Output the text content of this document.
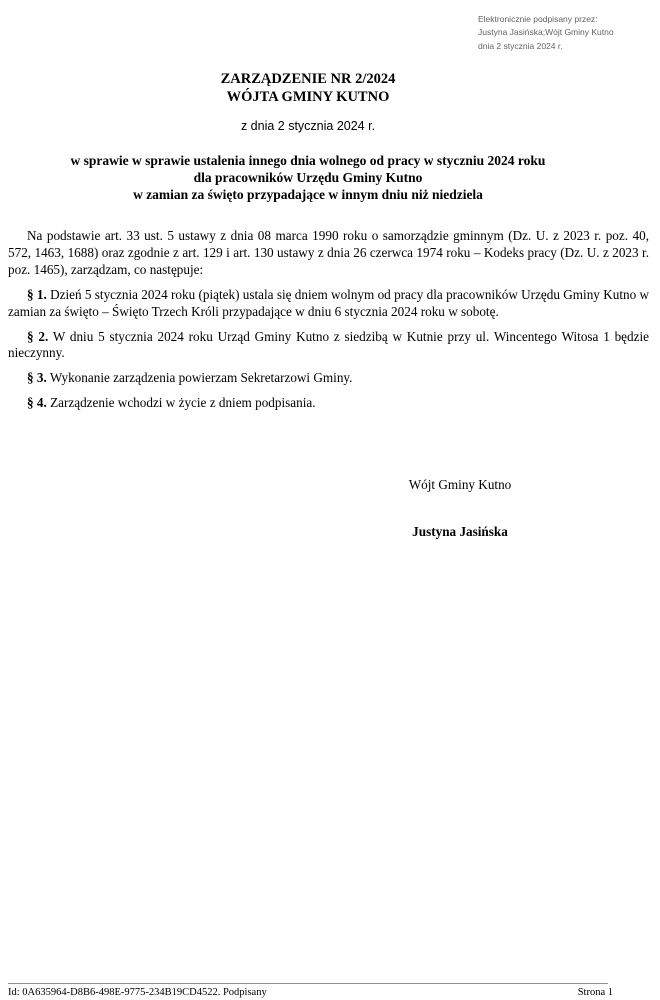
Elektronicznie podpisany przez:
Justyna Jasińska;Wójt Gminy Kutno
dnia 2 stycznia 2024 r.
ZARZĄDZENIE NR 2/2024
WÓJTA GMINY KUTNO
z dnia 2 stycznia 2024 r.
w sprawie w sprawie ustalenia innego dnia wolnego od pracy w styczniu 2024 roku
dla pracowników Urzędu Gminy Kutno
w zamian za święto przypadające w innym dniu niż niedziela

Na podstawie art. 33 ust. 5 ustawy z dnia 08 marca 1990 roku o samorządzie gminnym (Dz. U. z 2023 r. poz. 40, 572, 1463, 1688) oraz zgodnie z art. 129 i art. 130 ustawy z dnia 26 czerwca 1974 roku – Kodeks pracy (Dz. U. z 2023 r. poz. 1465), zarządzam, co następuje:

§ 1. Dzień 5 stycznia 2024 roku (piątek) ustala się dniem wolnym od pracy dla pracowników Urzędu Gminy Kutno w zamian za święto – Święto Trzech Króli przypadające w dniu 6 stycznia 2024 roku w sobotę.

§ 2. W dniu 5 stycznia 2024 roku Urząd Gminy Kutno z siedzibą w Kutnie przy ul. Wincentego Witosa 1 będzie nieczynny.

§ 3. Wykonanie zarządzenia powierzam Sekretarzowi Gminy.

§ 4. Zarządzenie wchodzi w życie z dniem podpisania.

Wójt Gminy Kutno
Justyna Jasińska
Id: 0A635964-D8B6-498E-9775-234B19CD4522. Podpisany	Strona 1
